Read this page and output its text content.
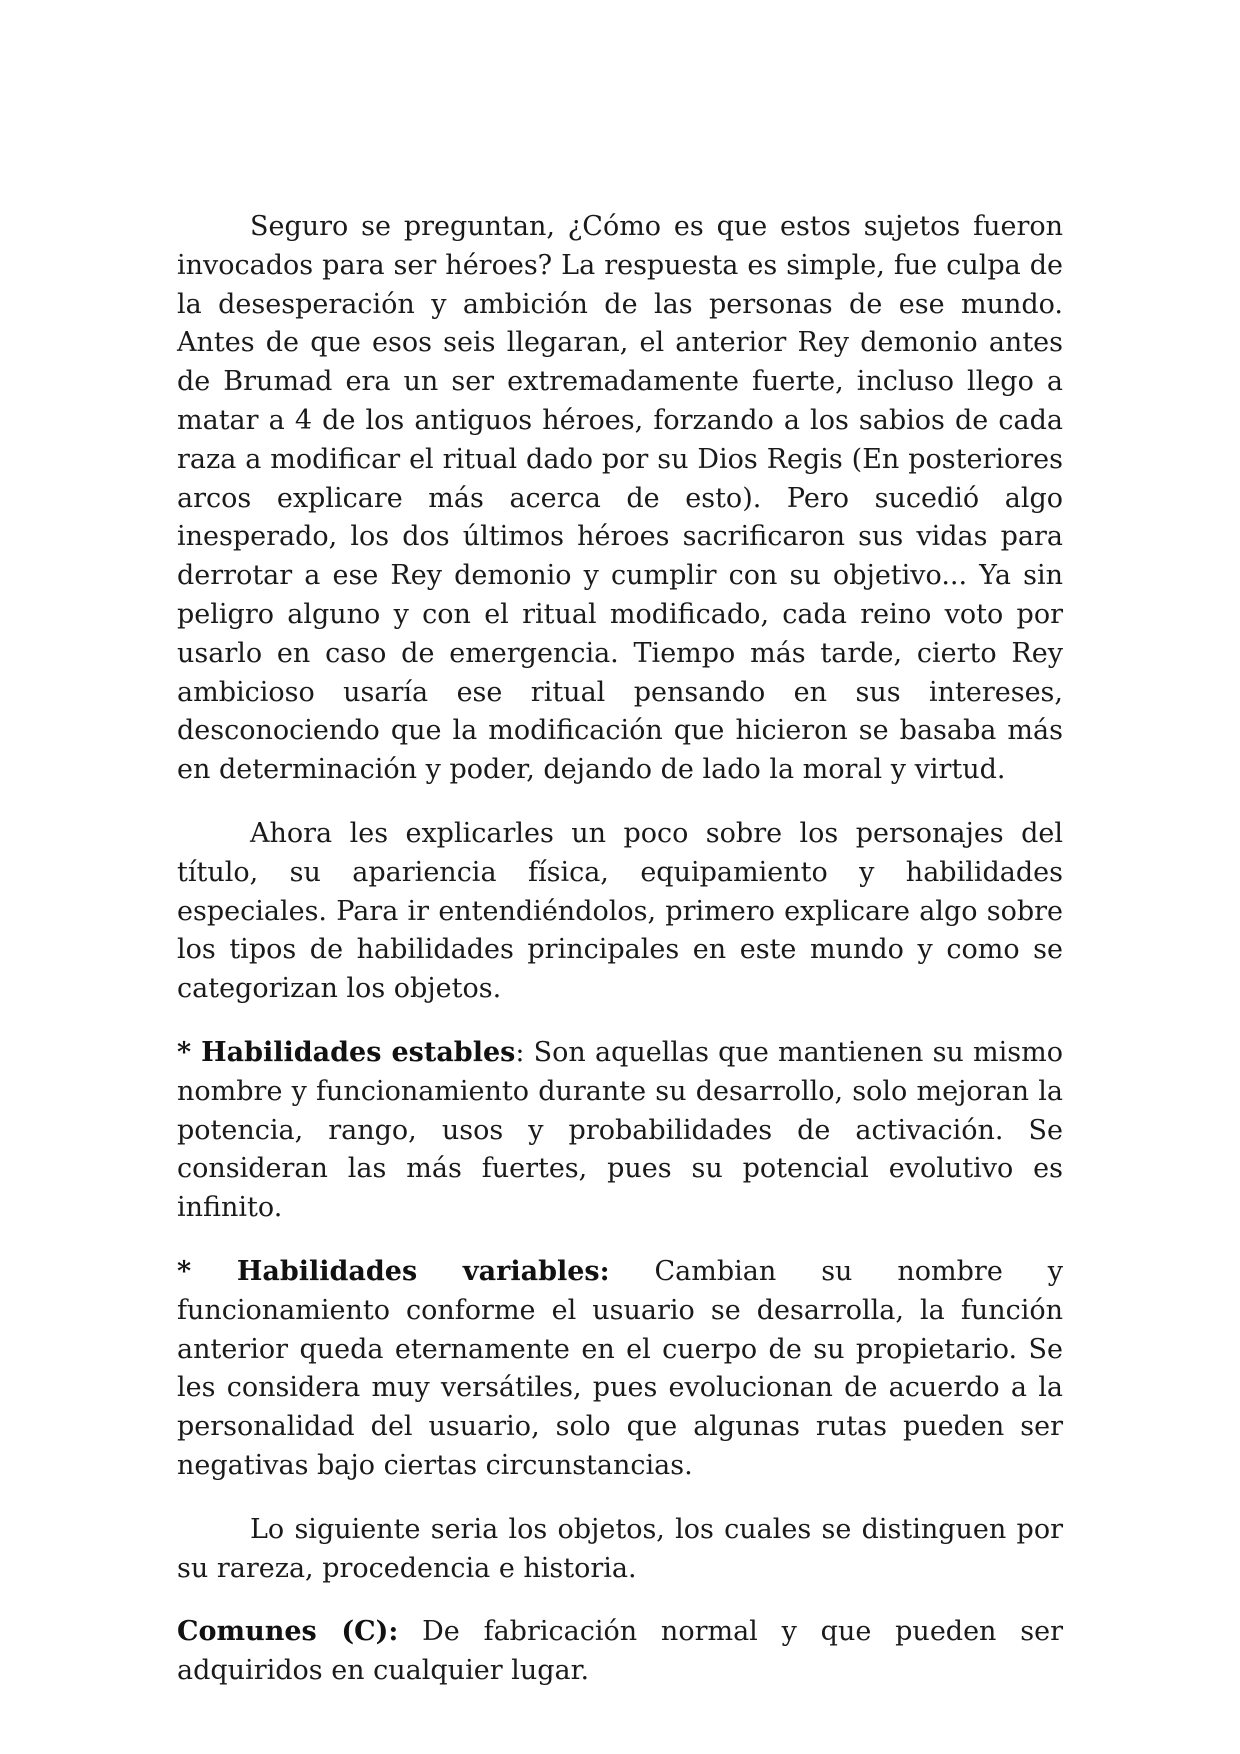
Seguro se preguntan, ¿Cómo es que estos sujetos fueron invocados para ser héroes? La respuesta es simple, fue culpa de la desesperación y ambición de las personas de ese mundo. Antes de que esos seis llegaran, el anterior Rey demonio antes de Brumad era un ser extremadamente fuerte, incluso llego a matar a 4 de los antiguos héroes, forzando a los sabios de cada raza a modificar el ritual dado por su Dios Regis (En posteriores arcos explicare más acerca de esto). Pero sucedió algo inesperado, los dos últimos héroes sacrificaron sus vidas para derrotar a ese Rey demonio y cumplir con su objetivo... Ya sin peligro alguno y con el ritual modificado, cada reino voto por usarlo en caso de emergencia. Tiempo más tarde, cierto Rey ambicioso usaría ese ritual pensando en sus intereses, desconociendo que la modificación que hicieron se basaba más en determinación y poder, dejando de lado la moral y virtud.

Ahora les explicarles un poco sobre los personajes del título, su apariencia física, equipamiento y habilidades especiales. Para ir entendiéndolos, primero explicare algo sobre los tipos de habilidades principales en este mundo y como se categorizan los objetos.

* Habilidades estables: Son aquellas que mantienen su mismo nombre y funcionamiento durante su desarrollo, solo mejoran la potencia, rango, usos y probabilidades de activación. Se consideran las más fuertes, pues su potencial evolutivo es infinito.

* Habilidades variables: Cambian su nombre y funcionamiento conforme el usuario se desarrolla, la función anterior queda eternamente en el cuerpo de su propietario. Se les considera muy versátiles, pues evolucionan de acuerdo a la personalidad del usuario, solo que algunas rutas pueden ser negativas bajo ciertas circunstancias.

Lo siguiente seria los objetos, los cuales se distinguen por su rareza, procedencia e historia.

Comunes (C): De fabricación normal y que pueden ser adquiridos en cualquier lugar.
